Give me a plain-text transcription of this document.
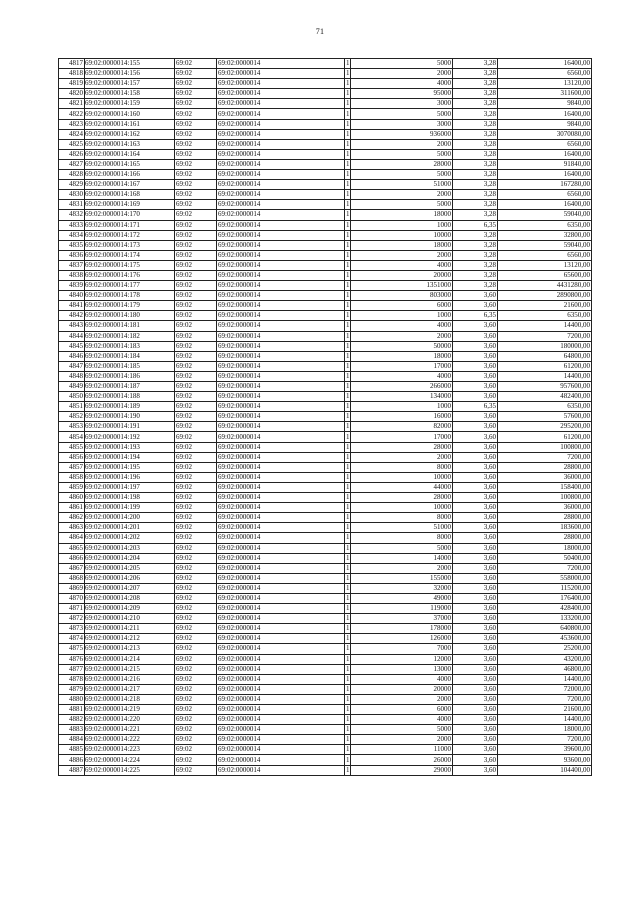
71
4817	69:02:0000014:155	69:02	69:02:0000014	1	5000	3,28	16400,00
4818	69:02:0000014:156	69:02	69:02:0000014	1	2000	3,28	6560,00
4819	69:02:0000014:157	69:02	69:02:0000014	1	4000	3,28	13120,00
4820	69:02:0000014:158	69:02	69:02:0000014	1	95000	3,28	311600,00
4821	69:02:0000014:159	69:02	69:02:0000014	1	3000	3,28	9840,00
4822	69:02:0000014:160	69:02	69:02:0000014	1	5000	3,28	16400,00
4823	69:02:0000014:161	69:02	69:02:0000014	1	3000	3,28	9840,00
4824	69:02:0000014:162	69:02	69:02:0000014	1	936000	3,28	3070080,00
4825	69:02:0000014:163	69:02	69:02:0000014	1	2000	3,28	6560,00
4826	69:02:0000014:164	69:02	69:02:0000014	1	5000	3,28	16400,00
4827	69:02:0000014:165	69:02	69:02:0000014	1	28000	3,28	91840,00
4828	69:02:0000014:166	69:02	69:02:0000014	1	5000	3,28	16400,00
4829	69:02:0000014:167	69:02	69:02:0000014	1	51000	3,28	167280,00
4830	69:02:0000014:168	69:02	69:02:0000014	1	2000	3,28	6560,00
4831	69:02:0000014:169	69:02	69:02:0000014	1	5000	3,28	16400,00
4832	69:02:0000014:170	69:02	69:02:0000014	1	18000	3,28	59040,00
4833	69:02:0000014:171	69:02	69:02:0000014	1	1000	6,35	6350,00
4834	69:02:0000014:172	69:02	69:02:0000014	1	10000	3,28	32800,00
4835	69:02:0000014:173	69:02	69:02:0000014	1	18000	3,28	59040,00
4836	69:02:0000014:174	69:02	69:02:0000014	1	2000	3,28	6560,00
4837	69:02:0000014:175	69:02	69:02:0000014	1	4000	3,28	13120,00
4838	69:02:0000014:176	69:02	69:02:0000014	1	20000	3,28	65600,00
4839	69:02:0000014:177	69:02	69:02:0000014	1	1351000	3,28	4431280,00
4840	69:02:0000014:178	69:02	69:02:0000014	1	803000	3,60	2890800,00
4841	69:02:0000014:179	69:02	69:02:0000014	1	6000	3,60	21600,00
4842	69:02:0000014:180	69:02	69:02:0000014	1	1000	6,35	6350,00
4843	69:02:0000014:181	69:02	69:02:0000014	1	4000	3,60	14400,00
4844	69:02:0000014:182	69:02	69:02:0000014	1	2000	3,60	7200,00
4845	69:02:0000014:183	69:02	69:02:0000014	1	50000	3,60	180000,00
4846	69:02:0000014:184	69:02	69:02:0000014	1	18000	3,60	64800,00
4847	69:02:0000014:185	69:02	69:02:0000014	1	17000	3,60	61200,00
4848	69:02:0000014:186	69:02	69:02:0000014	1	4000	3,60	14400,00
4849	69:02:0000014:187	69:02	69:02:0000014	1	266000	3,60	957600,00
4850	69:02:0000014:188	69:02	69:02:0000014	1	134000	3,60	482400,00
4851	69:02:0000014:189	69:02	69:02:0000014	1	1000	6,35	6350,00
4852	69:02:0000014:190	69:02	69:02:0000014	1	16000	3,60	57600,00
4853	69:02:0000014:191	69:02	69:02:0000014	1	82000	3,60	295200,00
4854	69:02:0000014:192	69:02	69:02:0000014	1	17000	3,60	61200,00
4855	69:02:0000014:193	69:02	69:02:0000014	1	28000	3,60	100800,00
4856	69:02:0000014:194	69:02	69:02:0000014	1	2000	3,60	7200,00
4857	69:02:0000014:195	69:02	69:02:0000014	1	8000	3,60	28800,00
4858	69:02:0000014:196	69:02	69:02:0000014	1	10000	3,60	36000,00
4859	69:02:0000014:197	69:02	69:02:0000014	1	44000	3,60	158400,00
4860	69:02:0000014:198	69:02	69:02:0000014	1	28000	3,60	100800,00
4861	69:02:0000014:199	69:02	69:02:0000014	1	10000	3,60	36000,00
4862	69:02:0000014:200	69:02	69:02:0000014	1	8000	3,60	28800,00
4863	69:02:0000014:201	69:02	69:02:0000014	1	51000	3,60	183600,00
4864	69:02:0000014:202	69:02	69:02:0000014	1	8000	3,60	28800,00
4865	69:02:0000014:203	69:02	69:02:0000014	1	5000	3,60	18000,00
4866	69:02:0000014:204	69:02	69:02:0000014	1	14000	3,60	50400,00
4867	69:02:0000014:205	69:02	69:02:0000014	1	2000	3,60	7200,00
4868	69:02:0000014:206	69:02	69:02:0000014	1	155000	3,60	558000,00
4869	69:02:0000014:207	69:02	69:02:0000014	1	32000	3,60	115200,00
4870	69:02:0000014:208	69:02	69:02:0000014	1	49000	3,60	176400,00
4871	69:02:0000014:209	69:02	69:02:0000014	1	119000	3,60	428400,00
4872	69:02:0000014:210	69:02	69:02:0000014	1	37000	3,60	133200,00
4873	69:02:0000014:211	69:02	69:02:0000014	1	178000	3,60	640800,00
4874	69:02:0000014:212	69:02	69:02:0000014	1	126000	3,60	453600,00
4875	69:02:0000014:213	69:02	69:02:0000014	1	7000	3,60	25200,00
4876	69:02:0000014:214	69:02	69:02:0000014	1	12000	3,60	43200,00
4877	69:02:0000014:215	69:02	69:02:0000014	1	13000	3,60	46800,00
4878	69:02:0000014:216	69:02	69:02:0000014	1	4000	3,60	14400,00
4879	69:02:0000014:217	69:02	69:02:0000014	1	20000	3,60	72000,00
4880	69:02:0000014:218	69:02	69:02:0000014	1	2000	3,60	7200,00
4881	69:02:0000014:219	69:02	69:02:0000014	1	6000	3,60	21600,00
4882	69:02:0000014:220	69:02	69:02:0000014	1	4000	3,60	14400,00
4883	69:02:0000014:221	69:02	69:02:0000014	1	5000	3,60	18000,00
4884	69:02:0000014:222	69:02	69:02:0000014	1	2000	3,60	7200,00
4885	69:02:0000014:223	69:02	69:02:0000014	1	11000	3,60	39600,00
4886	69:02:0000014:224	69:02	69:02:0000014	1	26000	3,60	93600,00
4887	69:02:0000014:225	69:02	69:02:0000014	1	29000	3,60	104400,00
